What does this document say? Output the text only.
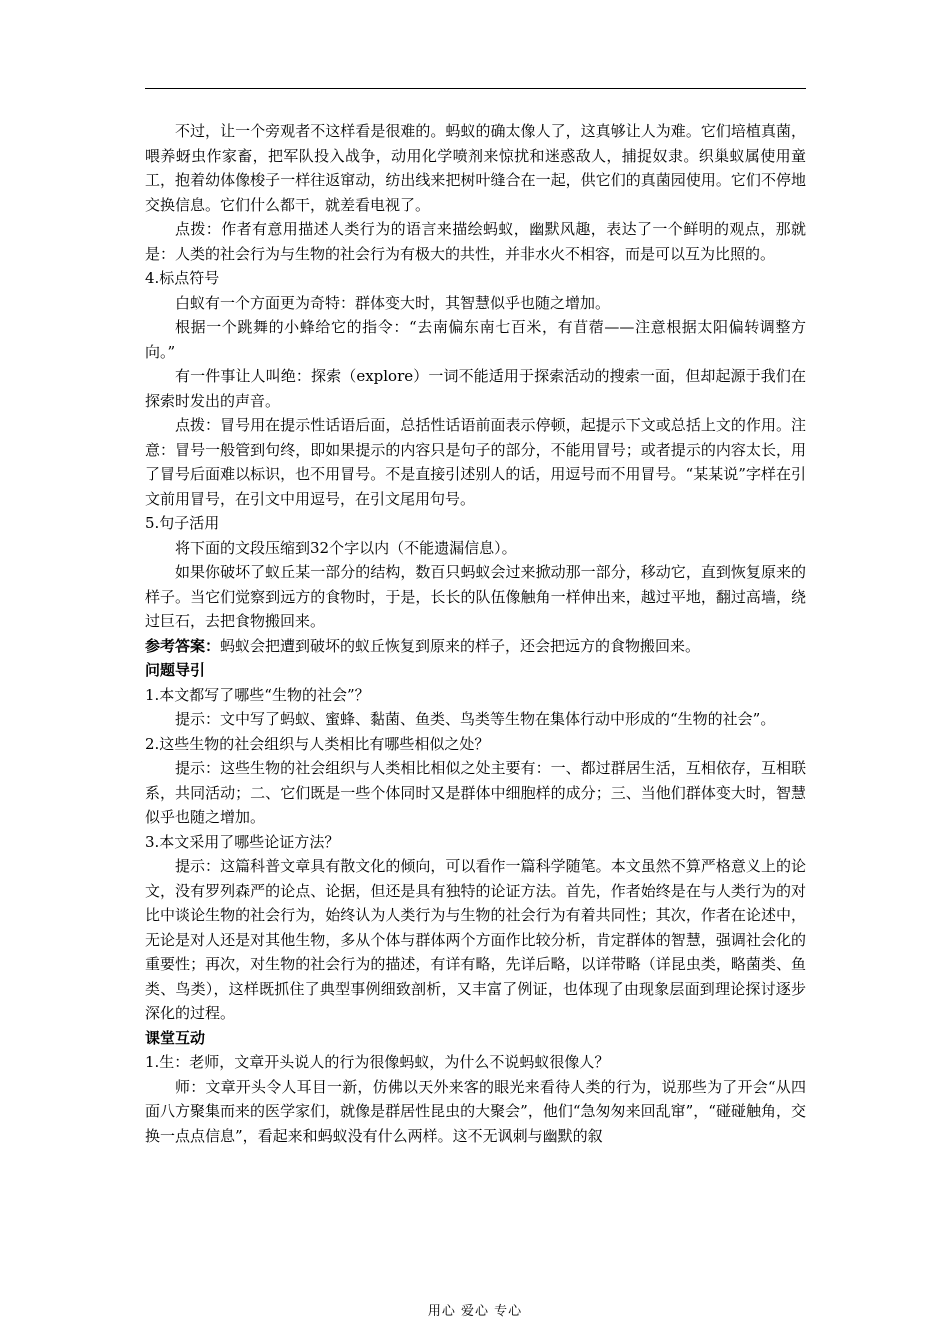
不过，让一个旁观者不这样看是很难的。蚂蚁的确太像人了，这真够让人为难。它们培植真菌，喂养蚜虫作家畜，把军队投入战争，动用化学喷剂来惊扰和迷惑敌人，捕捉奴隶。织巢蚁属使用童工，抱着幼体像梭子一样往返窜动，纺出线来把树叶缝合在一起，供它们的真菌园使用。它们不停地交换信息。它们什么都干，就差看电视了。

点拨：作者有意用描述人类行为的语言来描绘蚂蚁，幽默风趣，表达了一个鲜明的观点，那就是：人类的社会行为与生物的社会行为有极大的共性，并非水火不相容，而是可以互为比照的。

4.标点符号

白蚁有一个方面更为奇特：群体变大时，其智慧似乎也随之增加。

根据一个跳舞的小蜂给它的指令：“去南偏东南七百米，有苜蓿——注意根据太阳偏转调整方向。”

有一件事让人叫绝：探索（explore）一词不能适用于探索活动的搜索一面，但却起源于我们在探索时发出的声音。

点拨：冒号用在提示性话语后面，总括性话语前面表示停顿，起提示下文或总括上文的作用。注意：冒号一般管到句终，即如果提示的内容只是句子的部分，不能用冒号；或者提示的内容太长，用了冒号后面难以标识，也不用冒号。不是直接引述别人的话，用逗号而不用冒号。“某某说”字样在引文前用冒号，在引文中用逗号，在引文尾用句号。

5.句子活用

将下面的文段压缩到32个字以内（不能遗漏信息）。

如果你破坏了蚁丘某一部分的结构，数百只蚂蚁会过来掀动那一部分，移动它，直到恢复原来的样子。当它们觉察到远方的食物时，于是，长长的队伍像触角一样伸出来，越过平地，翻过高墙，绕过巨石，去把食物搬回来。

参考答案：蚂蚁会把遭到破坏的蚁丘恢复到原来的样子，还会把远方的食物搬回来。

问题导引

1.本文都写了哪些“生物的社会”？

提示：文中写了蚂蚁、蜜蜂、黏菌、鱼类、鸟类等生物在集体行动中形成的“生物的社会”。

2.这些生物的社会组织与人类相比有哪些相似之处？

提示：这些生物的社会组织与人类相比相似之处主要有：一、都过群居生活，互相依存，互相联系，共同活动；二、它们既是一些个体同时又是群体中细胞样的成分；三、当他们群体变大时，智慧似乎也随之增加。

3.本文采用了哪些论证方法？

提示：这篇科普文章具有散文化的倾向，可以看作一篇科学随笔。本文虽然不算严格意义上的论文，没有罗列森严的论点、论据，但还是具有独特的论证方法。首先，作者始终是在与人类行为的对比中谈论生物的社会行为，始终认为人类行为与生物的社会行为有着共同性；其次，作者在论述中，无论是对人还是对其他生物，多从个体与群体两个方面作比较分析，肯定群体的智慧，强调社会化的重要性；再次，对生物的社会行为的描述，有详有略，先详后略，以详带略（详昆虫类，略菌类、鱼类、鸟类），这样既抓住了典型事例细致剖析，又丰富了例证，也体现了由现象层面到理论探讨逐步深化的过程。

课堂互动

1.生：老师，文章开头说人的行为很像蚂蚁，为什么不说蚂蚁很像人？

师：文章开头令人耳目一新，仿佛以天外来客的眼光来看待人类的行为，说那些为了开会“从四面八方聚集而来的医学家们，就像是群居性昆虫的大聚会”，他们“急匆匆来回乱窜”，“碰碰触角，交换一点点信息”，看起来和蚂蚁没有什么两样。这不无讽刺与幽默的叙

用心 爱心 专心
